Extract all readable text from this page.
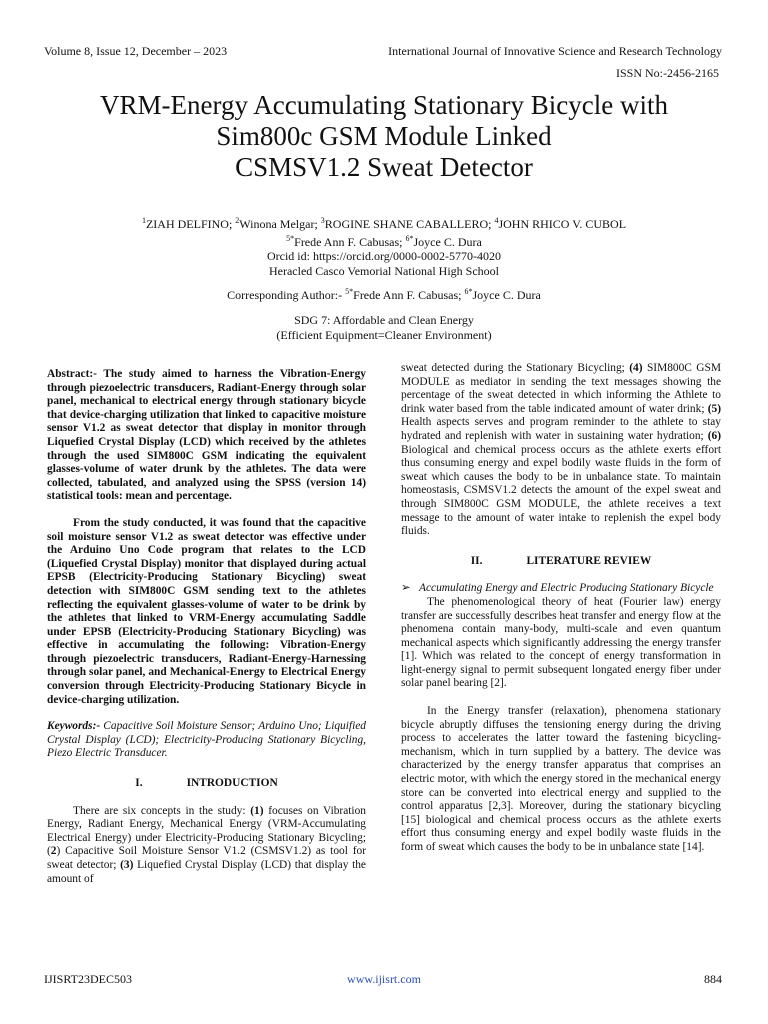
Volume 8, Issue 12, December – 2023	International Journal of Innovative Science and Research Technology
ISSN No:-2456-2165
VRM-Energy Accumulating Stationary Bicycle with
Sim800c GSM Module Linked
CSMSV1.2 Sweat Detector
$^1$ZIAH DELFINO; $^2$Winona Melgar; $^3$ROGINE SHANE CABALLERO; $^4$JOHN RHICO V. CUBOL
$^{5*}$Frede Ann F. Cabusas; $^{6*}$Joyce C. Dura
Orcid id: https://orcid.org/0000-0002-5770-4020
Heracled Casco Vemorial National High School
Corresponding Author:- $^{5*}$Frede Ann F. Cabusas; $^{6*}$Joyce C. Dura
SDG 7: Affordable and Clean Energy
(Efficient Equipment=Cleaner Environment)

Abstract:- The study aimed to harness the Vibration-Energy through piezoelectric transducers, Radiant-Energy through solar panel, mechanical to electrical energy through stationary bicycle that device-charging utilization that linked to capacitive moisture sensor V1.2 as sweat detector that display in monitor through Liquefied Crystal Display (LCD) which received by the athletes through the used SIM800C GSM indicating the equivalent glasses-volume of water drunk by the athletes. The data were collected, tabulated, and analyzed using the SPSS (version 14) statistical tools: mean and percentage.

From the study conducted, it was found that the capacitive soil moisture sensor V1.2 as sweat detector was effective under the Arduino Uno Code program that relates to the LCD (Liquefied Crystal Display) monitor that displayed during actual EPSB (Electricity-Producing Stationary Bicycling) sweat detection with SIM800C GSM sending text to the athletes reflecting the equivalent glasses-volume of water to be drink by the athletes that linked to VRM-Energy accumulating Saddle under EPSB (Electricity-Producing Stationary Bicycling) was effective in accumulating the following: Vibration-Energy through piezoelectric transducers, Radiant-Energy-Harnessing through solar panel, and Mechanical-Energy to Electrical Energy conversion through Electricity-Producing Stationary Bicycle in device-charging utilization.

Keywords:- Capacitive Soil Moisture Sensor; Arduino Uno; Liquified Crystal Display (LCD); Electricity-Producing Stationary Bicycling, Piezo Electric Transducer.

I.	INTRODUCTION

There are six concepts in the study: (1) focuses on Vibration Energy, Radiant Energy, Mechanical Energy (VRM-Accumulating Electrical Energy) under Electricity-Producing Stationary Bicycling; (2) Capacitive Soil Moisture Sensor V1.2 (CSMSV1.2) as tool for sweat detector; (3) Liquefied Crystal Display (LCD) that display the amount of

sweat detected during the Stationary Bicycling; (4) SIM800C GSM MODULE as mediator in sending the text messages showing the percentage of the sweat detected in which informing the Athlete to drink water based from the table indicated amount of water drink; (5) Health aspects serves and program reminder to the athlete to stay hydrated and replenish with water in sustaining water hydration; (6) Biological and chemical process occurs as the athlete exerts effort thus consuming energy and expel bodily waste fluids in the form of sweat which causes the body to be in unbalance state. To maintain homeostasis, CSMSV1.2 detects the amount of the expel sweat and through SIM800C GSM MODULE, the athlete receives a text message to the amount of water intake to replenish the expel body fluids.

II.	LITERATURE REVIEW
➢ Accumulating Energy and Electric Producing Stationary Bicycle

The phenomenological theory of heat (Fourier law) energy transfer are successfully describes heat transfer and energy flow at the phenomena contain many-body, multi-scale and even quantum mechanical aspects which significantly addressing the energy transfer [1]. Which was related to the concept of energy transformation in light-energy signal to permit subsequent longated energy fiber under solar panel bearing [2].

In the Energy transfer (relaxation), phenomena stationary bicycle abruptly diffuses the tensioning energy during the driving process to accelerates the latter toward the fastening bicycling-mechanism, which in turn supplied by a battery. The device was characterized by the energy transfer apparatus that comprises an electric motor, with which the energy stored in the mechanical energy store can be converted into electrical energy and supplied to the control apparatus [2,3]. Moreover, during the stationary bicycling [15] biological and chemical process occurs as the athlete exerts effort thus consuming energy and expel bodily waste fluids in the form of sweat which causes the body to be in unbalance state [14].

IJISRT23DEC503	www.ijisrt.com	884
